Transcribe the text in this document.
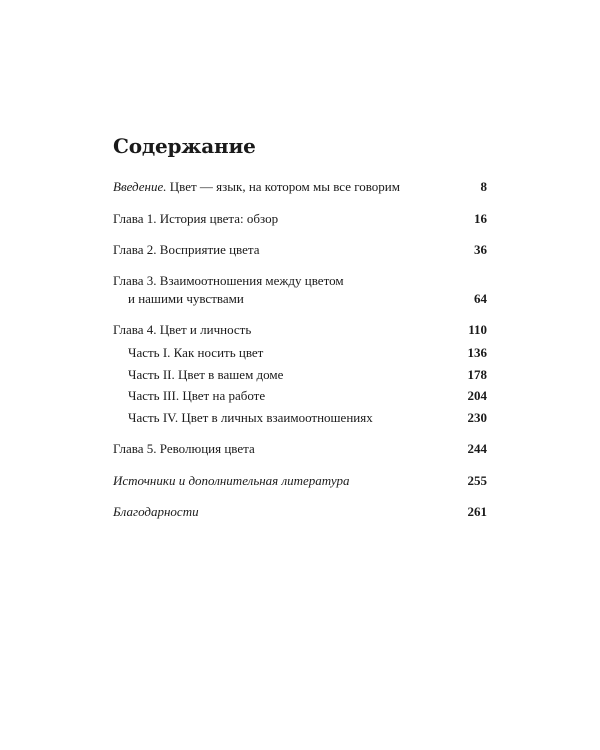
Содержание
Введение. Цвет — язык, на котором мы все говорим	8
Глава 1. История цвета: обзор	16
Глава 2. Восприятие цвета	36
Глава 3. Взаимоотношения между цветом
и нашими чувствами	64
Глава 4. Цвет и личность	110
Часть I. Как носить цвет	136
Часть II. Цвет в вашем доме	178
Часть III. Цвет на работе	204
Часть IV. Цвет в личных взаимоотношениях	230
Глава 5. Революция цвета	244
Источники и дополнительная литература	255
Благодарности	261
